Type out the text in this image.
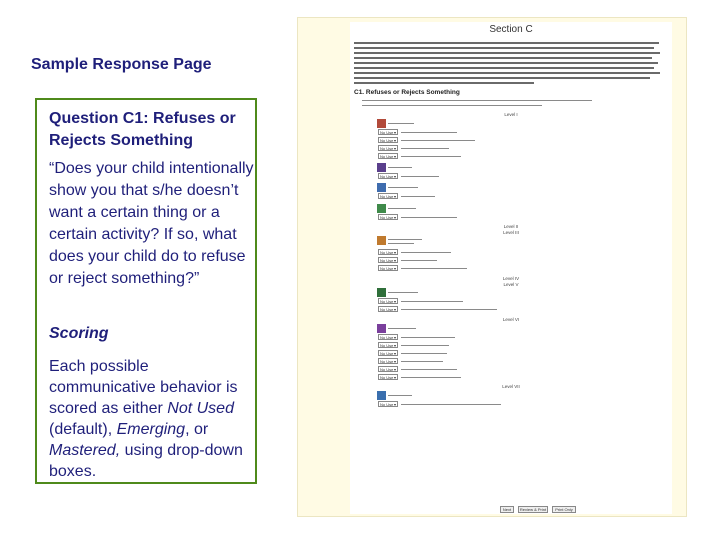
Sample Response Page
Question C1: Refuses or Rejects Something
“Does your child intentionally show you that s/he doesn’t want a certain thing or a certain activity? If so, what does your child do to refuse or reject something?”
Scoring
Each possible communicative behavior is scored as either Not Used (default), Emerging, or Mastered, using drop-down boxes.
Section C
C1. Refuses or Rejects Something
Level I
No Use ▾
No Use ▾
No Use ▾
No Use ▾
No Use ▾
No Use ▾
No Use ▾
Level II
Level III
No Use ▾
No Use ▾
No Use ▾
Level IV
Level V
No Use ▾
No Use ▾
Level VI
No Use ▾
No Use ▾
No Use ▾
No Use ▾
No Use ▾
No Use ▾
Level VII
No Use ▾
Next	Review & Print	Print Only
